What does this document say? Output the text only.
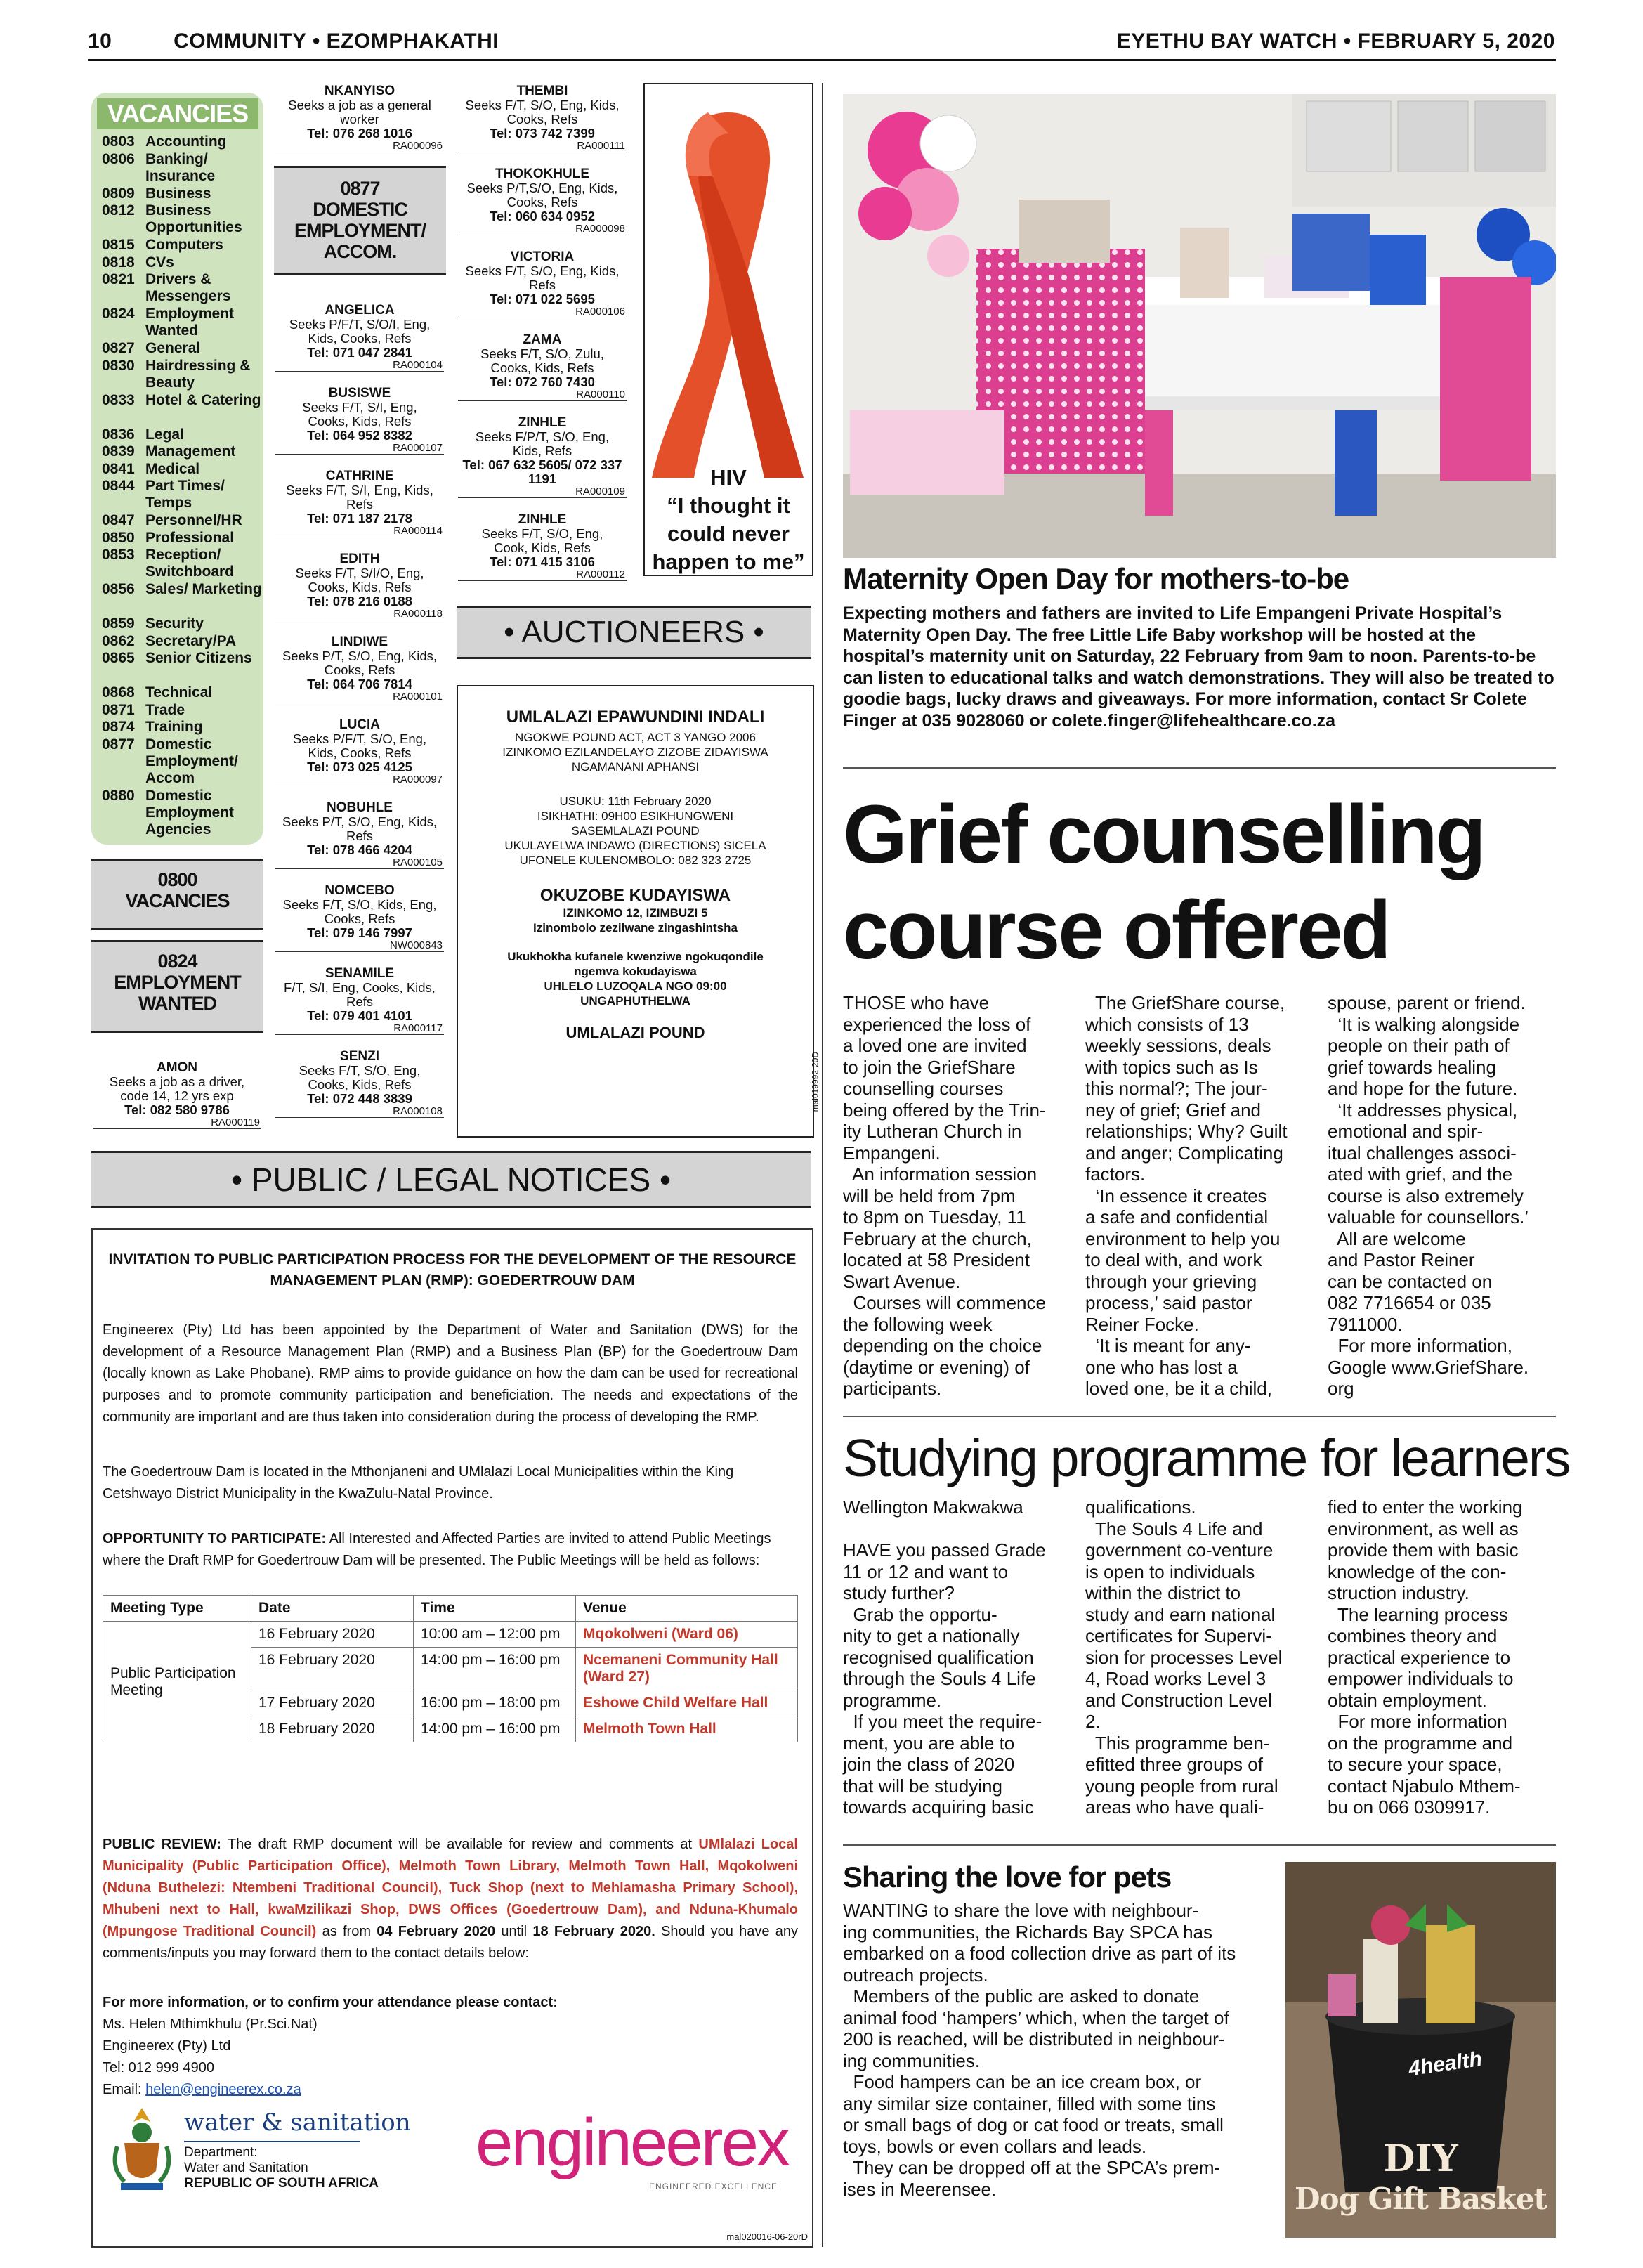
10	COMMUNITY • EZOMPHAKATHI	EYETHU BAY WATCH • FEBRUARY 5, 2020
VACANCIES
0803 Accounting
0806 Banking/ Insurance
0809 Business
0812 Business Opportunities
0815 Computers
0818 CVs
0821 Drivers & Messengers
0824 Employment Wanted
0827 General
0830 Hairdressing & Beauty
0833 Hotel & Catering
0836 Legal
0839 Management
0841 Medical
0844 Part Times/ Temps
0847 Personnel/HR
0850 Professional
0853 Reception/ Switchboard
0856 Sales/ Marketing
0859 Security
0862 Secretary/PA
0865 Senior Citizens
0868 Technical
0871 Trade
0874 Training
0877 Domestic Employment/ Accom
0880 Domestic Employment Agencies
0800
VACANCIES
0824
EMPLOYMENT
WANTED
AMON
Seeks a job as a driver,
code 14, 12 yrs exp
Tel: 082 580 9786
RA000119
0877
DOMESTIC
EMPLOYMENT/
ACCOM.
NKANYISO
Seeks a job as a general
worker
Tel: 076 268 1016
RA000096
ANGELICA
Seeks P/F/T, S/O/I, Eng,
Kids, Cooks, Refs
Tel: 071 047 2841
RA000104
BUSISWE
Seeks F/T, S/I, Eng,
Cooks, Kids, Refs
Tel: 064 952 8382
RA000107
CATHRINE
Seeks F/T, S/I, Eng, Kids,
Refs
Tel: 071 187 2178
RA000114
EDITH
Seeks F/T, S/I/O, Eng,
Cooks, Kids, Refs
Tel: 078 216 0188
RA000118
LINDIWE
Seeks P/T, S/O, Eng, Kids,
Cooks, Refs
Tel: 064 706 7814
RA000101
LUCIA
Seeks P/F/T, S/O, Eng,
Kids, Cooks, Refs
Tel: 073 025 4125
RA000097
NOBUHLE
Seeks P/T, S/O, Eng, Kids,
Refs
Tel: 078 466 4204
RA000105
NOMCEBO
Seeks F/T, S/O, Kids, Eng,
Cooks, Refs
Tel: 079 146 7997
NW000843
SENAMILE
F/T, S/I, Eng, Cooks, Kids,
Refs
Tel: 079 401 4101
RA000117
SENZI
Seeks F/T, S/O, Eng,
Cooks, Kids, Refs
Tel: 072 448 3839
RA000108
THEMBI
Seeks F/T, S/O, Eng, Kids,
Cooks, Refs
Tel: 073 742 7399
RA000111
THOKOKHULE
Seeks P/T,S/O, Eng, Kids,
Cooks, Refs
Tel: 060 634 0952
RA000098
VICTORIA
Seeks F/T, S/O, Eng, Kids,
Refs
Tel: 071 022 5695
RA000106
ZAMA
Seeks F/T, S/O, Zulu,
Cooks, Kids, Refs
Tel: 072 760 7430
RA000110
ZINHLE
Seeks F/P/T, S/O, Eng,
Kids, Refs
Tel: 067 632 5605/ 072 337 1191
RA000109
ZINHLE
Seeks F/T, S/O, Eng,
Cook, Kids, Refs
Tel: 071 415 3106
RA000112
HIV
“I thought it
could never
happen to me”
• AUCTIONEERS •
UMLALAZI EPAWUNDINI INDALI
NGOKWE POUND ACT, ACT 3 YANGO 2006
IZINKOMO EZILANDELAYO ZIZOBE ZIDAYISWA
NGAMANANI APHANSI
USUKU: 11th February 2020
ISIKHATHI: 09H00 ESIKHUNGWENI
SASEMLALAZI POUND
UKULAYELWA INDAWO (DIRECTIONS) SICELA
UFONELE KULENOMBOLO: 082 323 2725
OKUZOBE KUDAYISWA
IZINKOMO 12, IZIMBUZI 5
Izinombolo zezilwane zingashintsha
Ukukhokha kufanele kwenziwe ngokuqondile
ngemva kokudayiswa
UHLELO LUZOQALA NGO 09:00
UNGAPHUTHELWA
UMLALAZI POUND
mal019992-20D
• PUBLIC / LEGAL NOTICES •
INVITATION TO PUBLIC PARTICIPATION PROCESS FOR THE DEVELOPMENT OF THE RESOURCE
MANAGEMENT PLAN (RMP): GOEDERTROUW DAM
Engineerex (Pty) Ltd has been appointed by the Department of Water and Sanitation (DWS) for the development of a Resource Management Plan (RMP) and a Business Plan (BP) for the Goedertrouw Dam (locally known as Lake Phobane). RMP aims to provide guidance on how the dam can be used for recreational purposes and to promote community participation and beneficiation. The needs and expectations of the community are important and are thus taken into consideration during the process of developing the RMP.
The Goedertrouw Dam is located in the Mthonjaneni and UMlalazi Local Municipalities within the King Cetshwayo District Municipality in the KwaZulu-Natal Province.
OPPORTUNITY TO PARTICIPATE: All Interested and Affected Parties are invited to attend Public Meetings where the Draft RMP for Goedertrouw Dam will be presented. The Public Meetings will be held as follows:
Meeting Type	Date	Time	Venue
Public Participation Meeting	16 February 2020	10:00 am – 12:00 pm	Mqokolweni (Ward 06)
	16 February 2020	14:00 pm – 16:00 pm	Ncemaneni Community Hall (Ward 27)
	17 February 2020	16:00 pm – 18:00 pm	Eshowe Child Welfare Hall
	18 February 2020	14:00 pm – 16:00 pm	Melmoth Town Hall
PUBLIC REVIEW: The draft RMP document will be available for review and comments at UMlalazi Local Municipality (Public Participation Office), Melmoth Town Library, Melmoth Town Hall, Mqokolweni (Nduna Buthelezi: Ntembeni Traditional Council), Tuck Shop (next to Mehlamasha Primary School), Mhubeni next to Hall, kwaMzilikazi Shop, DWS Offices (Goedertrouw Dam), and Nduna-Khumalo (Mpungose Traditional Council) as from 04 February 2020 until 18 February 2020. Should you have any comments/inputs you may forward them to the contact details below:
For more information, or to confirm your attendance please contact:
Ms. Helen Mthimkhulu (Pr.Sci.Nat)
Engineerex (Pty) Ltd
Tel: 012 999 4900
Email: helen@engineerex.co.za
water & sanitation
Department:
Water and Sanitation
REPUBLIC OF SOUTH AFRICA
engineerex
ENGINEERED EXCELLENCE
mal020016-06-20rD
Maternity Open Day for mothers-to-be
Expecting mothers and fathers are invited to Life Empangeni Private Hospital’s Maternity Open Day. The free Little Life Baby workshop will be hosted at the hospital’s maternity unit on Saturday, 22 February from 9am to noon. Parents-to-be can listen to educational talks and watch demonstrations. They will also be treated to goodie bags, lucky draws and giveaways. For more information, contact Sr Colete Finger at 035 9028060 or colete.finger@lifehealthcare.co.za
Grief counselling
course offered
THOSE who have
experienced the loss of
a loved one are invited
to join the GriefShare
counselling courses
being offered by the Trin-
ity Lutheran Church in
Empangeni.
An information session
will be held from 7pm
to 8pm on Tuesday, 11
February at the church,
located at 58 President
Swart Avenue.
Courses will commence
the following week
depending on the choice
(daytime or evening) of
participants.
The GriefShare course,
which consists of 13
weekly sessions, deals
with topics such as Is
this normal?; The jour-
ney of grief; Grief and
relationships; Why? Guilt
and anger; Complicating
factors.
‘In essence it creates
a safe and confidential
environment to help you
to deal with, and work
through your grieving
process,’ said pastor
Reiner Focke.
‘It is meant for any-
one who has lost a
loved one, be it a child,
spouse, parent or friend.
‘It is walking alongside
people on their path of
grief towards healing
and hope for the future.
‘It addresses physical,
emotional and spir-
itual challenges associ-
ated with grief, and the
course is also extremely
valuable for counsellors.’
All are welcome
and Pastor Reiner
can be contacted on
082 7716654 or 035
7911000.
For more information,
Google www.GriefShare.
org
Studying programme for learners
Wellington Makwakwa
HAVE you passed Grade
11 or 12 and want to
study further?
Grab the opportu-
nity to get a nationally
recognised qualification
through the Souls 4 Life
programme.
If you meet the require-
ment, you are able to
join the class of 2020
that will be studying
towards acquiring basic
qualifications.
The Souls 4 Life and
government co-venture
is open to individuals
within the district to
study and earn national
certificates for Supervi-
sion for processes Level
4, Road works Level 3
and Construction Level
2.
This programme ben-
efitted three groups of
young people from rural
areas who have quali-
fied to enter the working
environment, as well as
provide them with basic
knowledge of the con-
struction industry.
The learning process
combines theory and
practical experience to
empower individuals to
obtain employment.
For more information
on the programme and
to secure your space,
contact Njabulo Mthem-
bu on 066 0309917.
Sharing the love for pets
WANTING to share the love with neighbour-
ing communities, the Richards Bay SPCA has
embarked on a food collection drive as part of its
outreach projects.
Members of the public are asked to donate
animal food ‘hampers’ which, when the target of
200 is reached, will be distributed in neighbour-
ing communities.
Food hampers can be an ice cream box, or
any similar size container, filled with some tins
or small bags of dog or cat food or treats, small
toys, bowls or even collars and leads.
They can be dropped off at the SPCA’s prem-
ises in Meerensee.
4health
DIY
Dog Gift Basket
